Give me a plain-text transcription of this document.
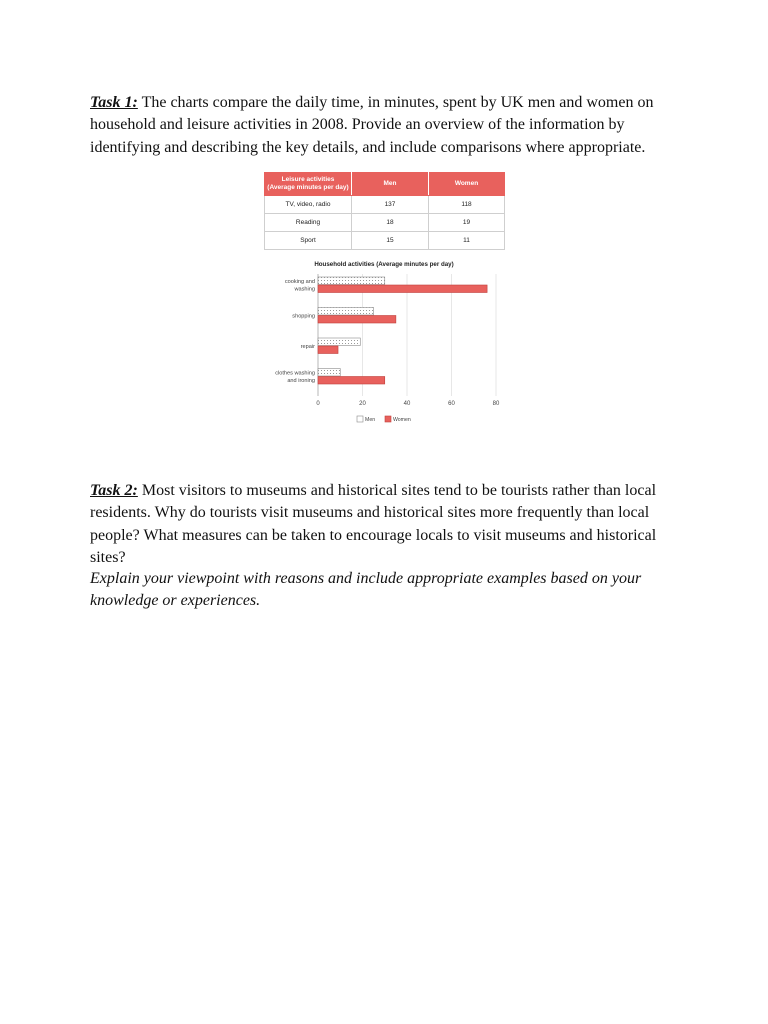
Task 1: The charts compare the daily time, in minutes, spent by UK men and women on household and leisure activities in 2008. Provide an overview of the information by identifying and describing the key details, and include comparisons where appropriate.

Leisure activities (Average minutes per day)	Men	Women
TV, video, radio	137	118
Reading	18	19
Sport	15	11
Household activities (Average minutes per day)
cooking and
washing
shopping
repair
clothes washing
and ironing
0	20	40	60	80
Men	Women

Task 2: Most visitors to museums and historical sites tend to be tourists rather than local residents. Why do tourists visit museums and historical sites more frequently than local people? What measures can be taken to encourage locals to visit museums and historical sites?

Explain your viewpoint with reasons and include appropriate examples based on your knowledge or experiences.
